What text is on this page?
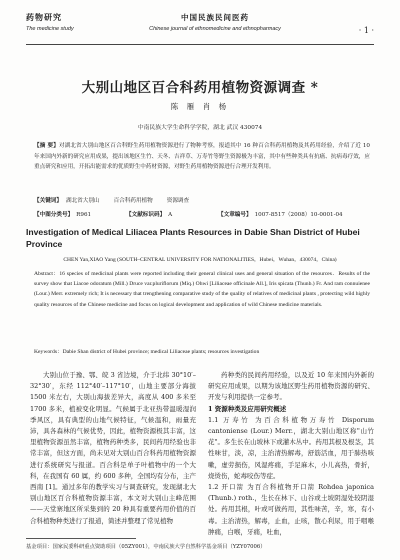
药物研究
The medicine study
中国民族民间医药
Chinese journal of ethnomedicine and ethnopharmacy	· 1 ·
大别山地区百合科药用植物资源调查 *
陈 雁 肖 杨
中南民族大学生命科学学院，湖北 武汉 430074
【摘 要】对湖北省大别山地区百合科野生药用植物资源进行了物种考察，报道其中 16 种百合科药用植物及其药用经验，介绍了近 10 年来国内外新的研究应用成果，提出该地区生竹、天冬、吉祥草、万寿竹等野生资源极为丰富，其中有些种类具有抗癌、抗病毒疗效，应重点研究和应用，开拓出能需求的优质野生中药材资源，对野生药用植物资源进行合理开发利用。
【关键词】 湖北省大别山	百合科药用植物	资源调查
【中图分类号】 R961	【文献标识码】 A	【文章编号】 1007-8517（2008）10-0001-04
Investigation of Medical Liliacea Plants Resources in Dabie Shan District of Hubei Province
CHEN Yan,XIAO Yang (SOUTH–CENTRAL UNIVERSITY FOR NATIONALITIES，Hubei，Wuhan，430074，China)
Abstract：16 species of medicinal plants were reported including their general clinical uses and general situation of the resources．Results of the survey show that Liacoe odoratum (Mill.) Druce var.pluriflorum (Miq.) Ohwi [Liliaceae officinale All.], Iris spicata (Thunb.) Fr. And ram connuienee (Lour.) Merr. extremely rich; It is necessary that trengthening comparative study of the quality of relatives of medicinal plants , protecting wild highly quality resources of the Chinese medicine and focus on logical development and application of wild Chinese medicine materials.
Keywords：Dabie Shan district of Hubei province; medical Liliaceae plants; resources investigation

大别山位于豫、鄂、皖 3 省边境，介于北纬 30°10′–32°30′，东经 112°40′–117°10′，山地主要部分海拔 1500 米左右，大别山海拔差异大，高度从 400 多米至 1700 多米，植被变化明显。气候属于北亚热带温暖湿润季风区，具有典型的山地气候特征，气候温和，雨量充沛，具各森林的气候优势，因此，植物资源极其丰富，这里植物资源虽然丰富，植物药种类多，民间药用经验也非常丰富，但这方面，尚未见对大别山百合科药用植物资源进行系统研究与报道。百合科是单子叶植物中的一个大科，在我国有 60 属，约 600 多种，全国均有分布，主产西南 [1]。通过多年的教学实习与调查研究，发现湖北大别山地区百合科植物资源丰富，本文对大别山主峰范围——天堂寨地区所采集到的 20 种具有重要药用价值的百合科植物种类进行了报道，简述并整理了常见植物

药种类的民间药用经验，以及近 10 年来国内外新的研究应用成果，以期为该地区野生药用植物资源的研究、开发与利用提供一定参考。

1 资源种类及应用研究概述

1.1 万寿竹 为百合科植物万寿竹 Disporum cantoniense (Lour.) Merr.，湖北大别山地区称"山竹花"。多生长在山坡林下或灌木丛中。药用其根及根茎，其性味甘，淡，凉，主治清热解毒，舒筋活血，用于肺热咳嗽，虚劳损伤，风湿疼痛，手足麻木，小儿高热，骨折，烧烫伤，蛇毒咬伤等症。

1.2 开口箭 为百合科植物开口箭 Rohdea japonica (Thunb.) roth.，生长在林下、山谷或土坡阴湿处较阴湿处。药用其根，叶或可做药用，其性味苦，辛，寒，有小毒。主治清热，解毒，止血，止咳，散心利尿，用于咽喉肿痛，白喉，牙痛，吐血，

基金项目：国家民委科研重点资助项目（05ZY001），中南民族大学自然科学基金项目（YZY07006）
